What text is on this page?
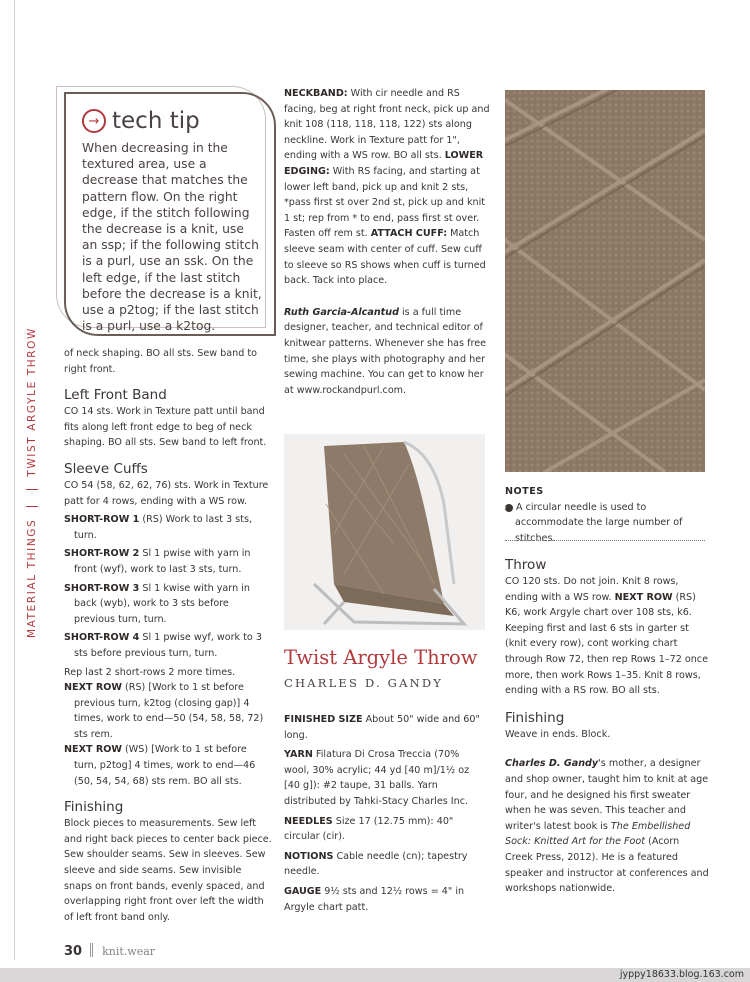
MATERIAL THINGS
TWIST ARGYLE THROW
→ tech tip
When decreasing in the textured area, use a decrease that matches the pattern flow. On the right edge, if the stitch following the decrease is a knit, use an ssp; if the following stitch is a purl, use an ssk. On the left edge, if the last stitch before the decrease is a knit, use a p2tog; if the last stitch is a purl, use a k2tog.

of neck shaping. BO all sts. Sew band to right front.

Left Front Band

CO 14 sts. Work in Texture patt until band fits along left front edge to beg of neck shaping. BO all sts. Sew band to left front.

Sleeve Cuffs

CO 54 (58, 62, 62, 76) sts. Work in Texture patt for 4 rows, ending with a WS row.

SHORT-ROW 1 (RS) Work to last 3 sts, turn.

SHORT-ROW 2 Sl 1 pwise with yarn in front (wyf), work to last 3 sts, turn.

SHORT-ROW 3 Sl 1 kwise with yarn in back (wyb), work to 3 sts before previous turn, turn.

SHORT-ROW 4 Sl 1 pwise wyf, work to 3 sts before previous turn, turn.

Rep last 2 short-rows 2 more times.

NEXT ROW (RS) [Work to 1 st before previous turn, k2tog (closing gap)] 4 times, work to end—50 (54, 58, 58, 72) sts rem.

NEXT ROW (WS) [Work to 1 st before turn, p2tog] 4 times, work to end—46 (50, 54, 54, 68) sts rem. BO all sts.

Finishing

Block pieces to measurements. Sew left and right back pieces to center back piece. Sew shoulder seams. Sew in sleeves. Sew sleeve and side seams. Sew invisible snaps on front bands, evenly spaced, and overlapping right front over left the width of left front band only.

NECKBAND: With cir needle and RS facing, beg at right front neck, pick up and knit 108 (118, 118, 118, 122) sts along neckline. Work in Texture patt for 1", ending with a WS row. BO all sts. LOWER EDGING: With RS facing, and starting at lower left band, pick up and knit 2 sts, *pass first st over 2nd st, pick up and knit 1 st; rep from * to end, pass first st over. Fasten off rem st. ATTACH CUFF: Match sleeve seam with center of cuff. Sew cuff to sleeve so RS shows when cuff is turned back. Tack into place.

Ruth Garcia-Alcantud is a full time designer, teacher, and technical editor of knitwear patterns. Whenever she has free time, she plays with photography and her sewing machine. You can get to know her at www.rockandpurl.com.

Twist Argyle Throw
CHARLES D. GANDY

FINISHED SIZE About 50" wide and 60" long.

YARN Filatura Di Crosa Treccia (70% wool, 30% acrylic; 44 yd [40 m]/1½ oz [40 g]): #2 taupe, 31 balls. Yarn distributed by Tahki-Stacy Charles Inc.

NEEDLES Size 17 (12.75 mm): 40" circular (cir).

NOTIONS Cable needle (cn); tapestry needle.

GAUGE 9½ sts and 12½ rows = 4" in Argyle chart patt.

NOTES

▶ A circular needle is used to accommodate the large number of stitches.

Throw

CO 120 sts. Do not join. Knit 8 rows, ending with a WS row. NEXT ROW (RS) K6, work Argyle chart over 108 sts, k6. Keeping first and last 6 sts in garter st (knit every row), cont working chart through Row 72, then rep Rows 1–72 once more, then work Rows 1–35. Knit 8 rows, ending with a RS row. BO all sts.

Finishing

Weave in ends. Block.

Charles D. Gandy's mother, a designer and shop owner, taught him to knit at age four, and he designed his first sweater when he was seven. This teacher and writer's latest book is The Embellished Sock: Knitted Art for the Foot (Acorn Creek Press, 2012). He is a featured speaker and instructor at conferences and workshops nationwide.

30 knit.wear
jyppy18633.blog.163.com
